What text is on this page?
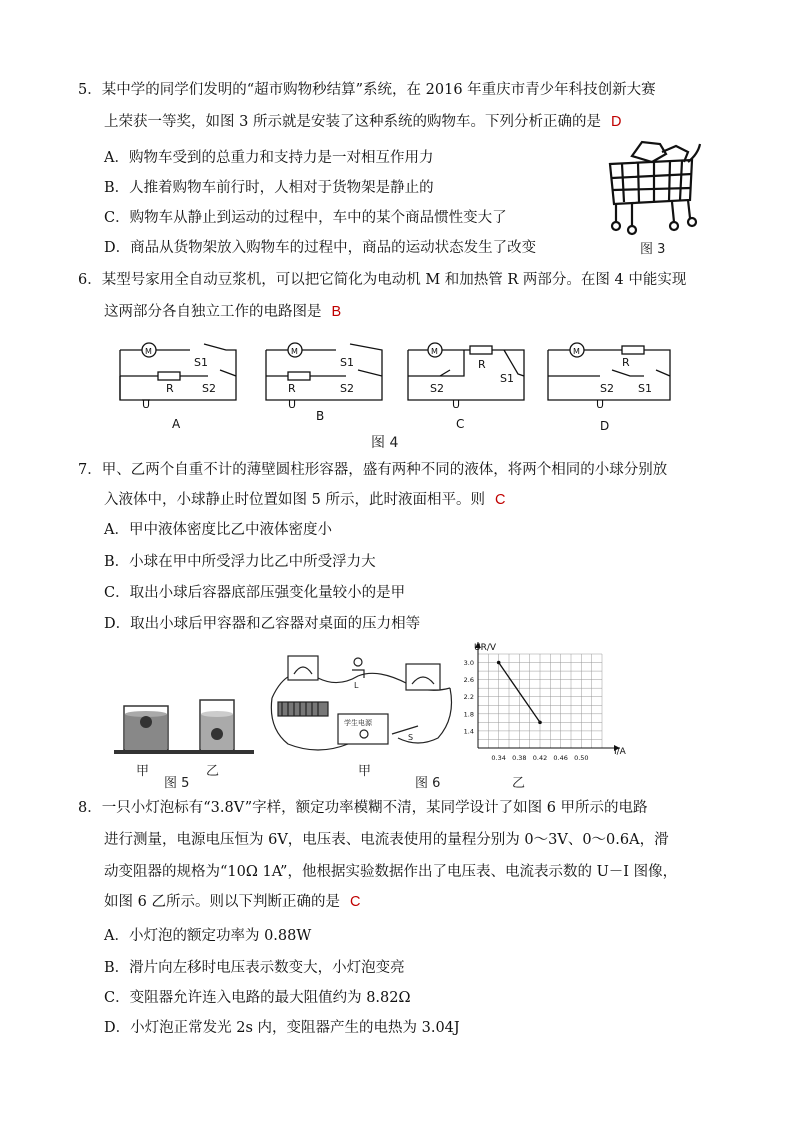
5．某中学的同学们发明的“超市购物秒结算”系统，在 2016 年重庆市青少年科技创新大赛
上荣获一等奖，如图 3 所示就是安装了这种系统的购物车。下列分析正确的是 D
A．购物车受到的总重力和支持力是一对相互作用力
B．人推着购物车前行时，人相对于货物架是静止的
C．购物车从静止到运动的过程中，车中的某个商品惯性变大了
D．商品从货物架放入购物车的过程中，商品的运动状态发生了改变	图 3
6．某型号家用全自动豆浆机，可以把它简化为电动机 M 和加热管 R 两部分。在图 4 中能实现
这两部分各自独立工作的电路图是 B
M	M	M	M
S1
R	S2
U
S1
R	S2
U
R
S2
S1
U
R
S2 S1
U
A
B
C	D
图 4
7．甲、乙两个自重不计的薄壁圆柱形容器，盛有两种不同的液体，将两个相同的小球分别放
入液体中，小球静止时位置如图 5 所示，此时液面相平。则 C
A．甲中液体密度比乙中液体密度小
B．小球在甲中所受浮力比乙中所受浮力大
C．取出小球后容器底部压强变化量较小的是甲
D．取出小球后甲容器和乙容器对桌面的压力相等
甲	乙
图 5
学生电源
L
S
甲
图 6
0.34 0.38 0.42 0.46 0.50
1.4
1.8
2.2
2.6
3.0
UR/V
I/A
乙
8．一只小灯泡标有“3.8V”字样，额定功率模糊不清，某同学设计了如图 6 甲所示的电路
进行测量，电源电压恒为 6V，电压表、电流表使用的量程分别为 0～3V、0～0.6A，滑
动变阻器的规格为“10Ω 1A”，他根据实验数据作出了电压表、电流表示数的 U－I 图像，
如图 6 乙所示。则以下判断正确的是 C
A．小灯泡的额定功率为 0.88W
B．滑片向左移时电压表示数变大，小灯泡变亮
C．变阻器允许连入电路的最大阻值约为 8.82Ω
D．小灯泡正常发光 2s 内，变阻器产生的电热为 3.04J
